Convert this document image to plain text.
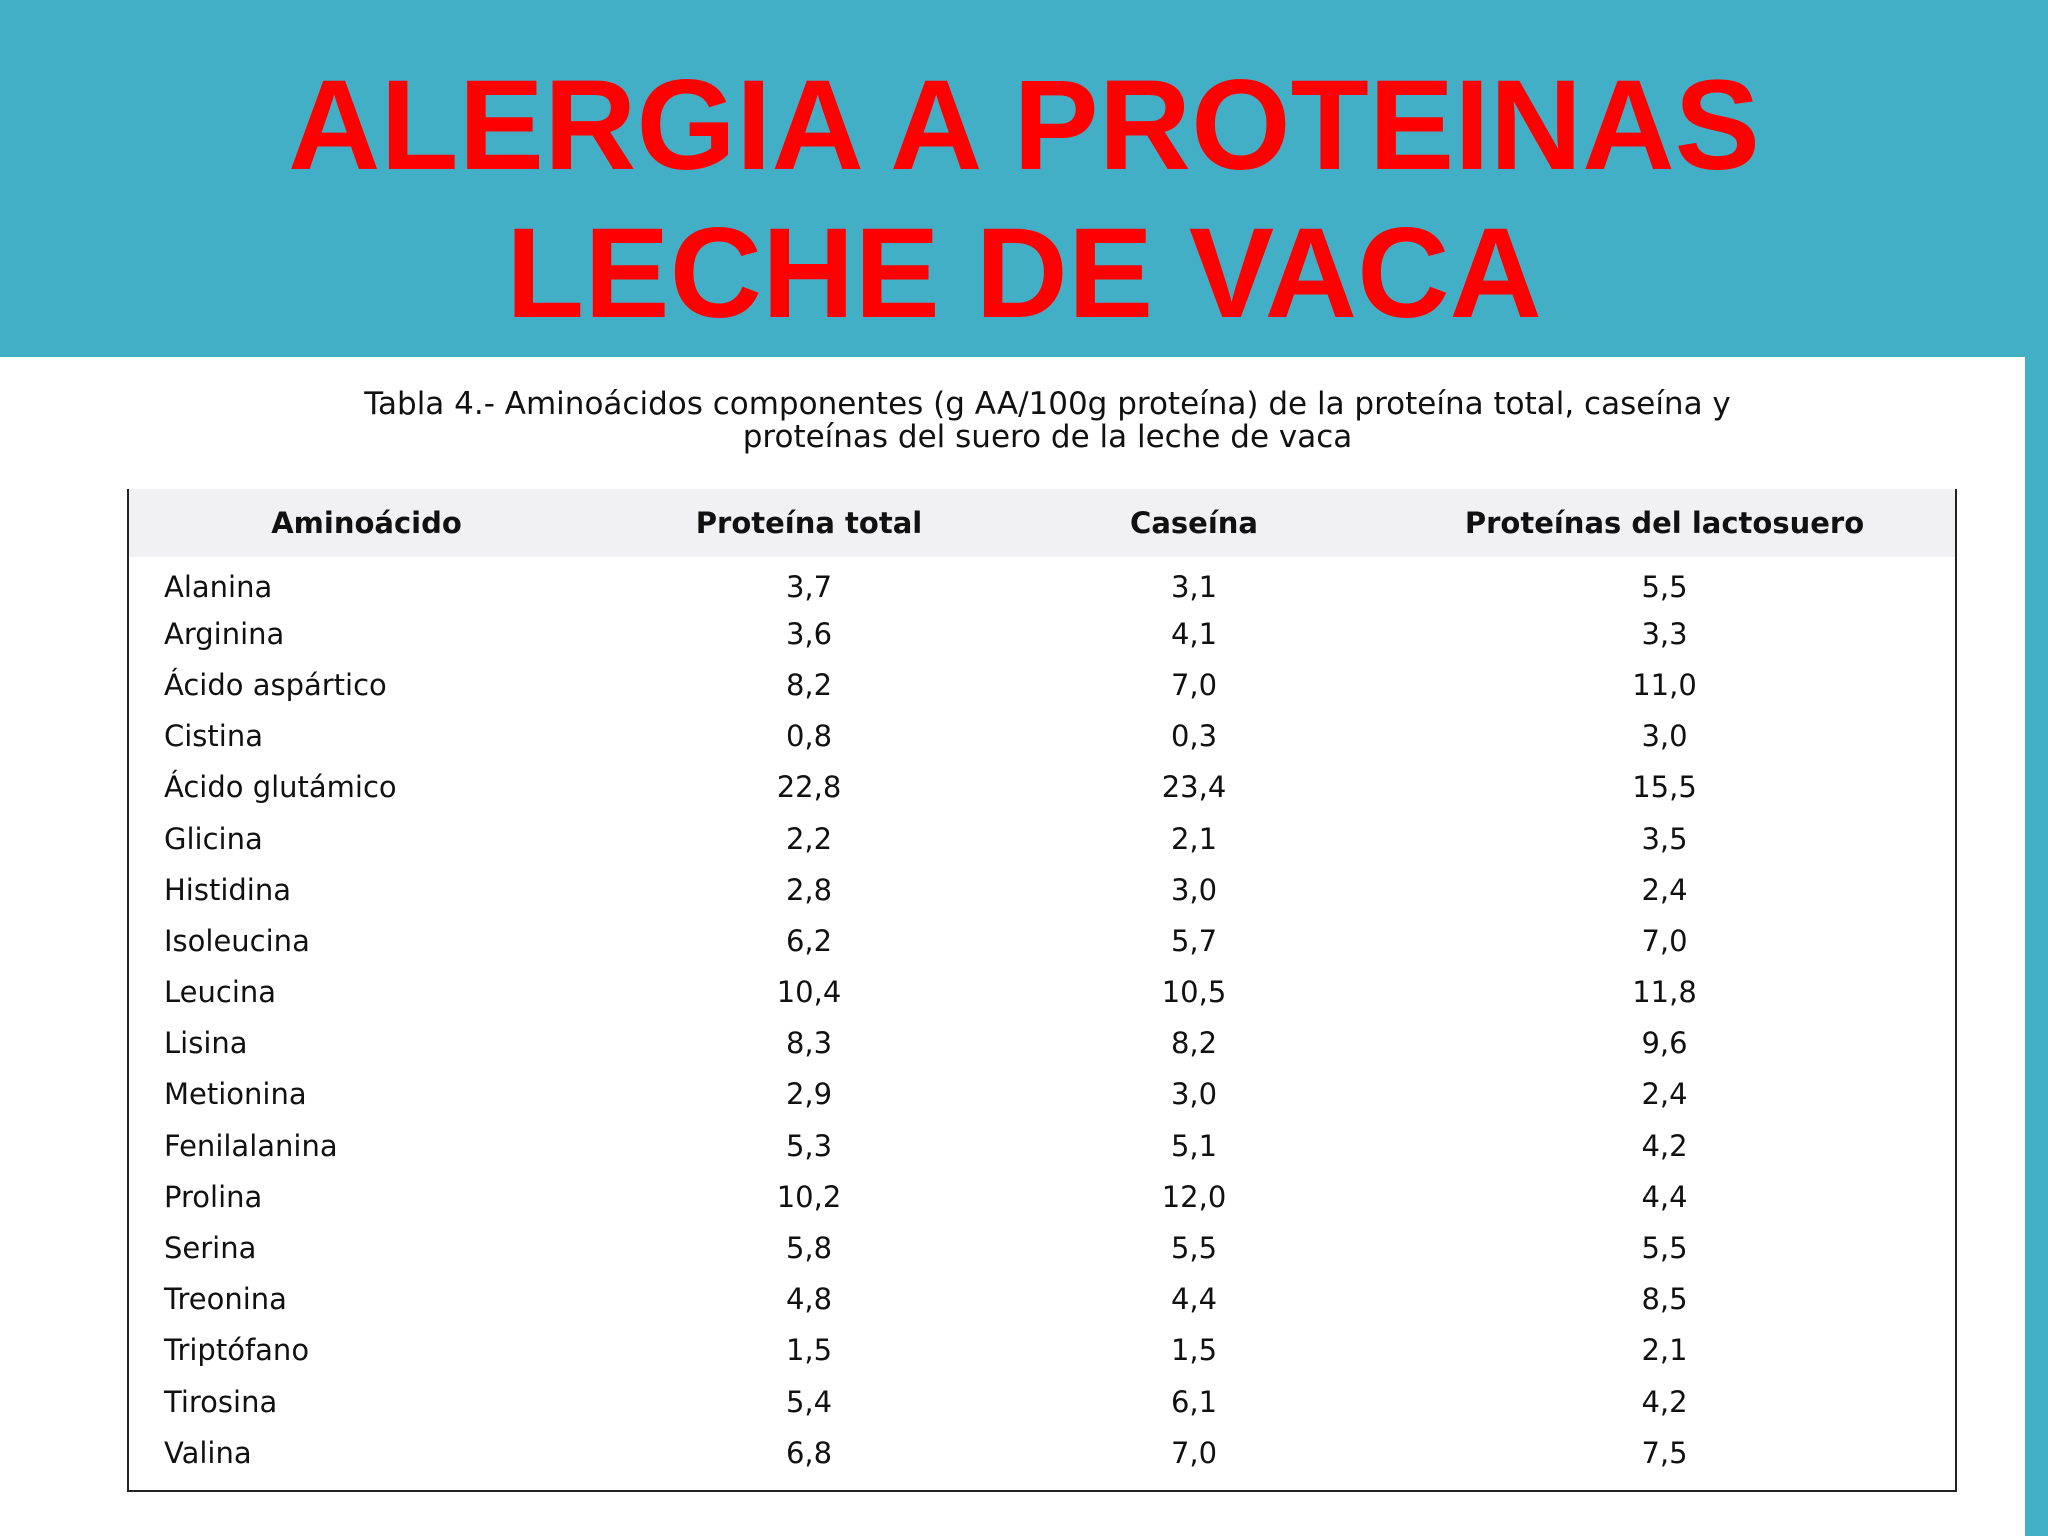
ALERGIA A PROTEINAS
LECHE DE VACA
Tabla 4.- Aminoácidos componentes (g AA/100g proteína) de la proteína total, caseína y
proteínas del suero de la leche de vaca
Aminoácido	Proteína total	Caseína	Proteínas del lactosuero
Alanina	3,7	3,1	5,5
Arginina	3,6	4,1	3,3
Ácido aspártico	8,2	7,0	11,0
Cistina	0,8	0,3	3,0
Ácido glutámico	22,8	23,4	15,5
Glicina	2,2	2,1	3,5
Histidina	2,8	3,0	2,4
Isoleucina	6,2	5,7	7,0
Leucina	10,4	10,5	11,8
Lisina	8,3	8,2	9,6
Metionina	2,9	3,0	2,4
Fenilalanina	5,3	5,1	4,2
Prolina	10,2	12,0	4,4
Serina	5,8	5,5	5,5
Treonina	4,8	4,4	8,5
Triptófano	1,5	1,5	2,1
Tirosina	5,4	6,1	4,2
Valina	6,8	7,0	7,5
